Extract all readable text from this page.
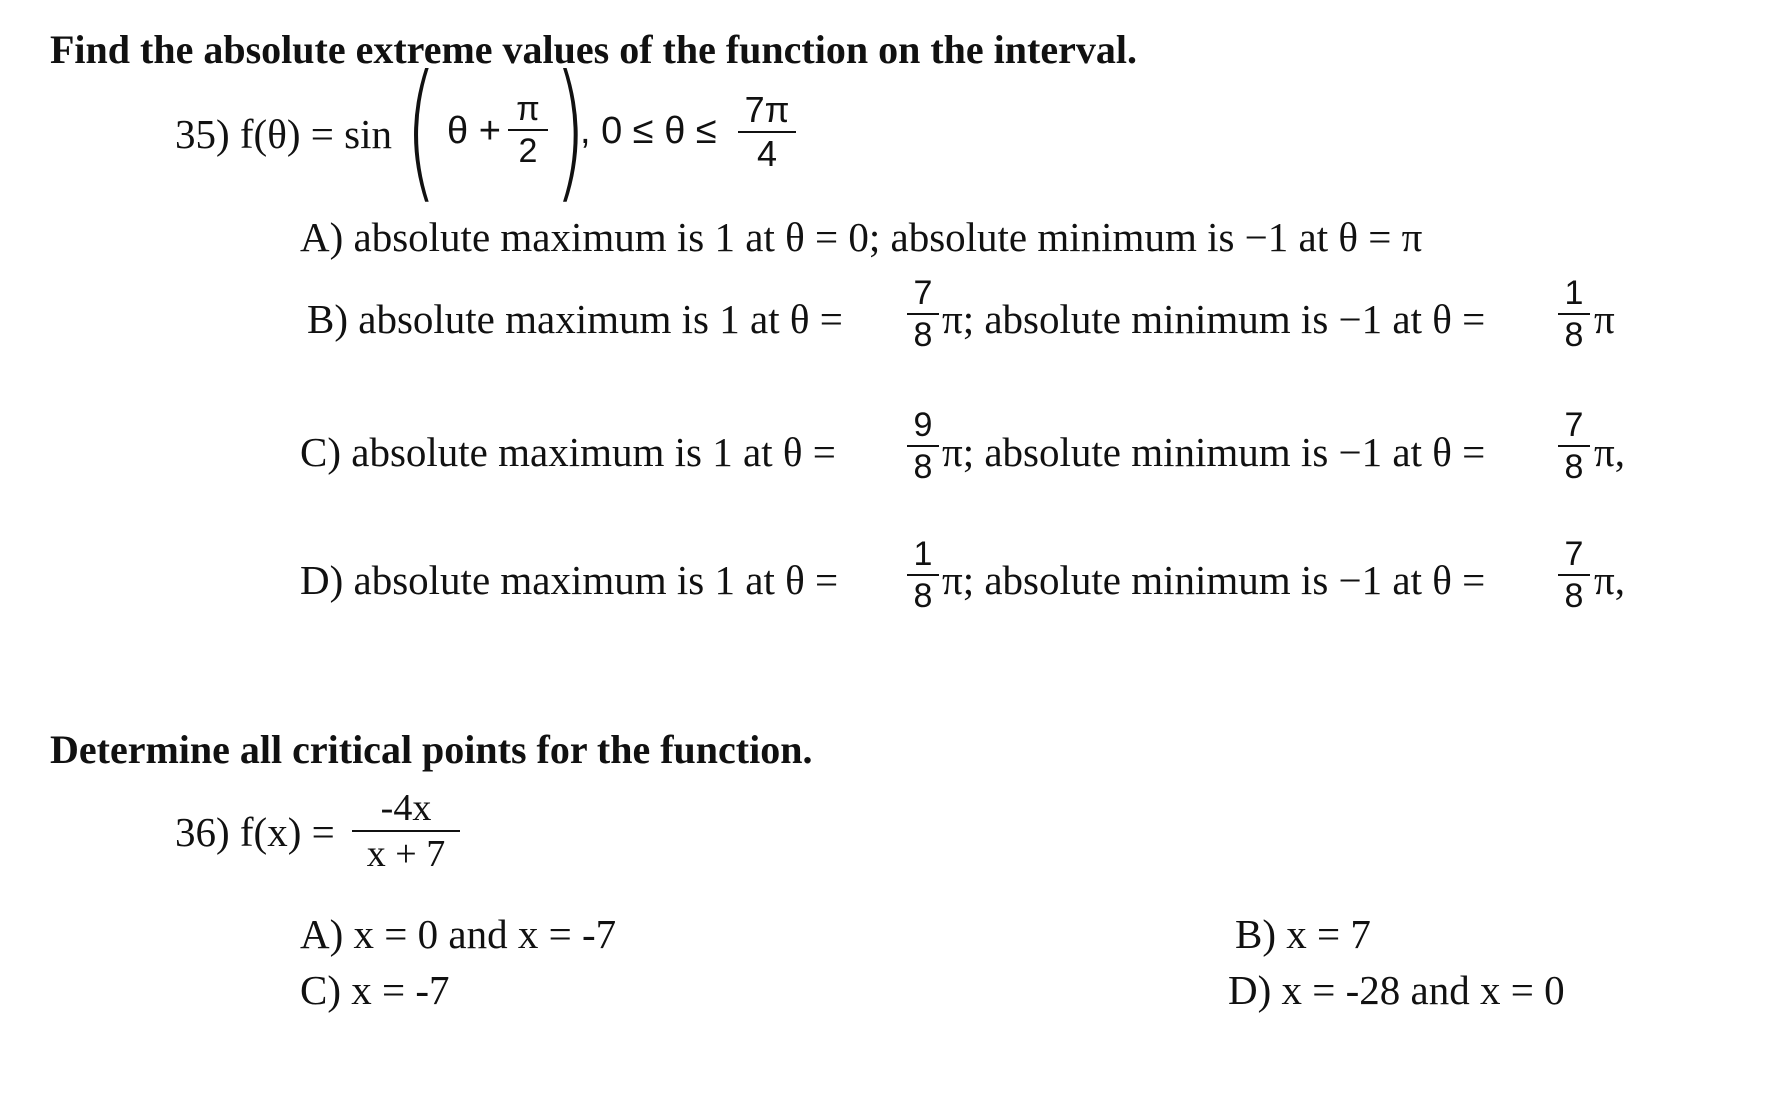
Find the absolute extreme values of the function on the interval.
35) f(θ) = sin ( θ +
π
2 )
, 0 ≤ θ ≤
7π
4
A) absolute maximum is 1 at θ = 0; absolute minimum is −1 at θ = π
B) absolute maximum is 1 at θ =
7
8 π; absolute minimum is −1 at θ =
1
8 π
C) absolute maximum is 1 at θ =
9
8 π; absolute minimum is −1 at θ =
7
8 π,
D) absolute maximum is 1 at θ =
1
8 π; absolute minimum is −1 at θ =
7
8 π,
Determine all critical points for the function.
36) f(x) =
-4x
x + 7
A) x = 0 and x = -7
C) x = -7
B) x = 7
D) x = -28 and x = 0
